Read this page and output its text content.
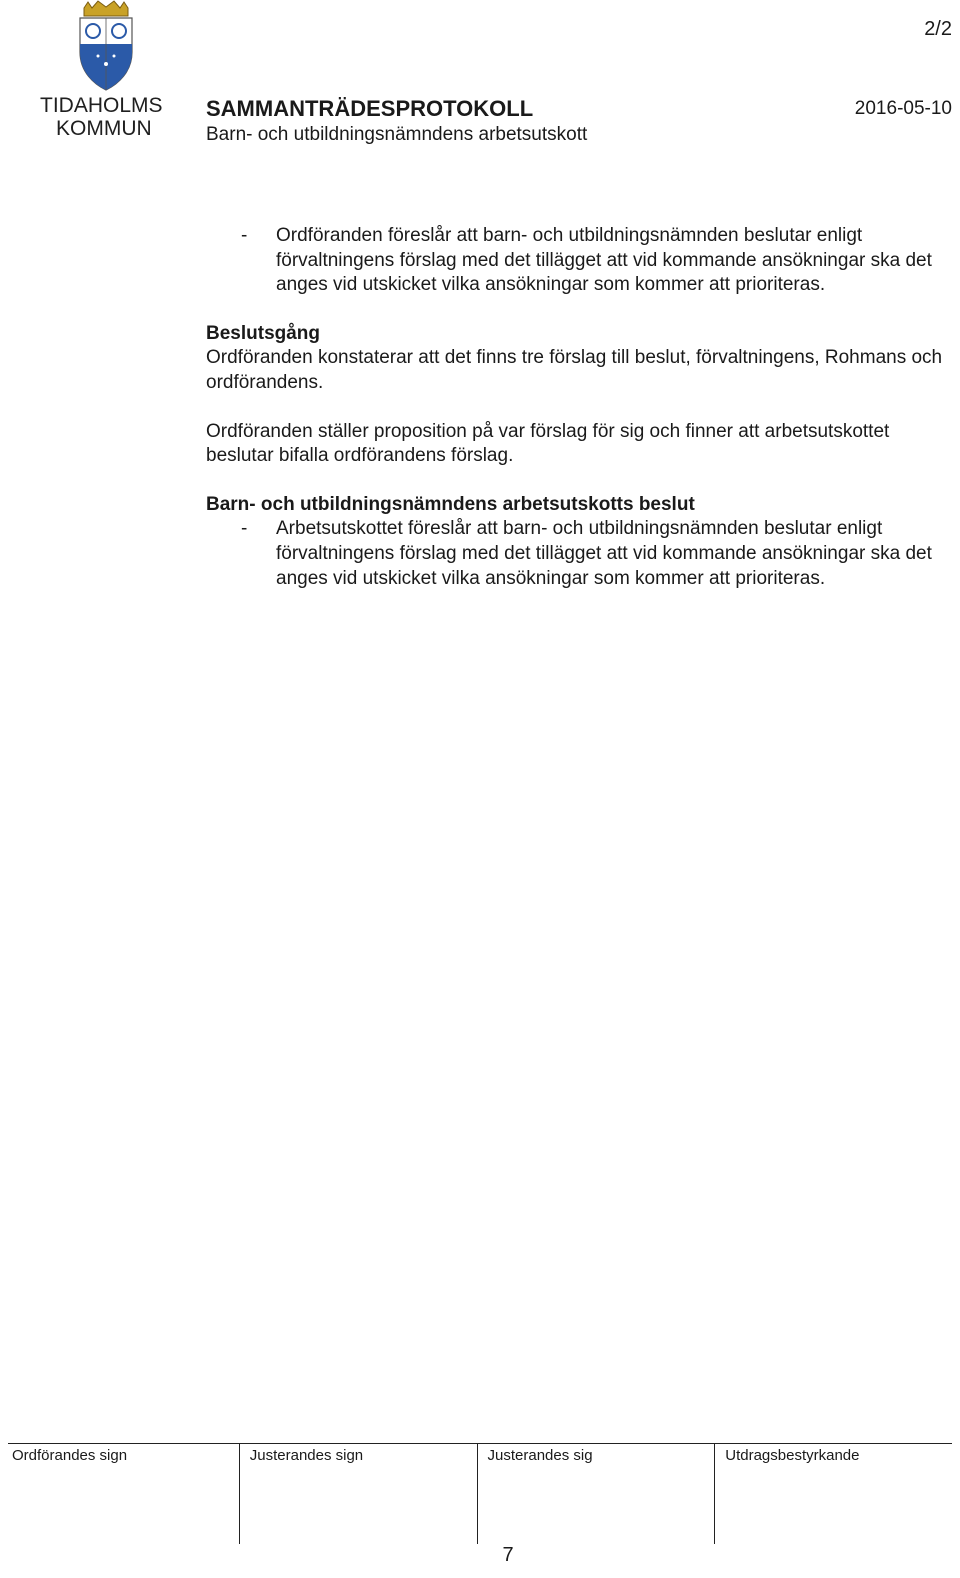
2/2
TIDAHOLMS
KOMMUN
SAMMANTRÄDESPROTOKOLL
Barn- och utbildningsnämndens arbetsutskott
2016-05-10
- Ordföranden föreslår att barn- och utbildningsnämnden beslutar enligt förvaltningens förslag med det tillägget att vid kommande ansökningar ska det anges vid utskicket vilka ansökningar som kommer att prioriteras.
Beslutsgång
Ordföranden konstaterar att det finns tre förslag till beslut, förvaltningens, Rohmans och ordförandens.
Ordföranden ställer proposition på var förslag för sig och finner att arbetsutskottet beslutar bifalla ordförandens förslag.
Barn- och utbildningsnämndens arbetsutskotts beslut
- Arbetsutskottet föreslår att barn- och utbildningsnämnden beslutar enligt förvaltningens förslag med det tillägget att vid kommande ansökningar ska det anges vid utskicket vilka ansökningar som kommer att prioriteras.
Ordförandes sign	Justerandes sign	Justerandes sig	Utdragsbestyrkande
7
